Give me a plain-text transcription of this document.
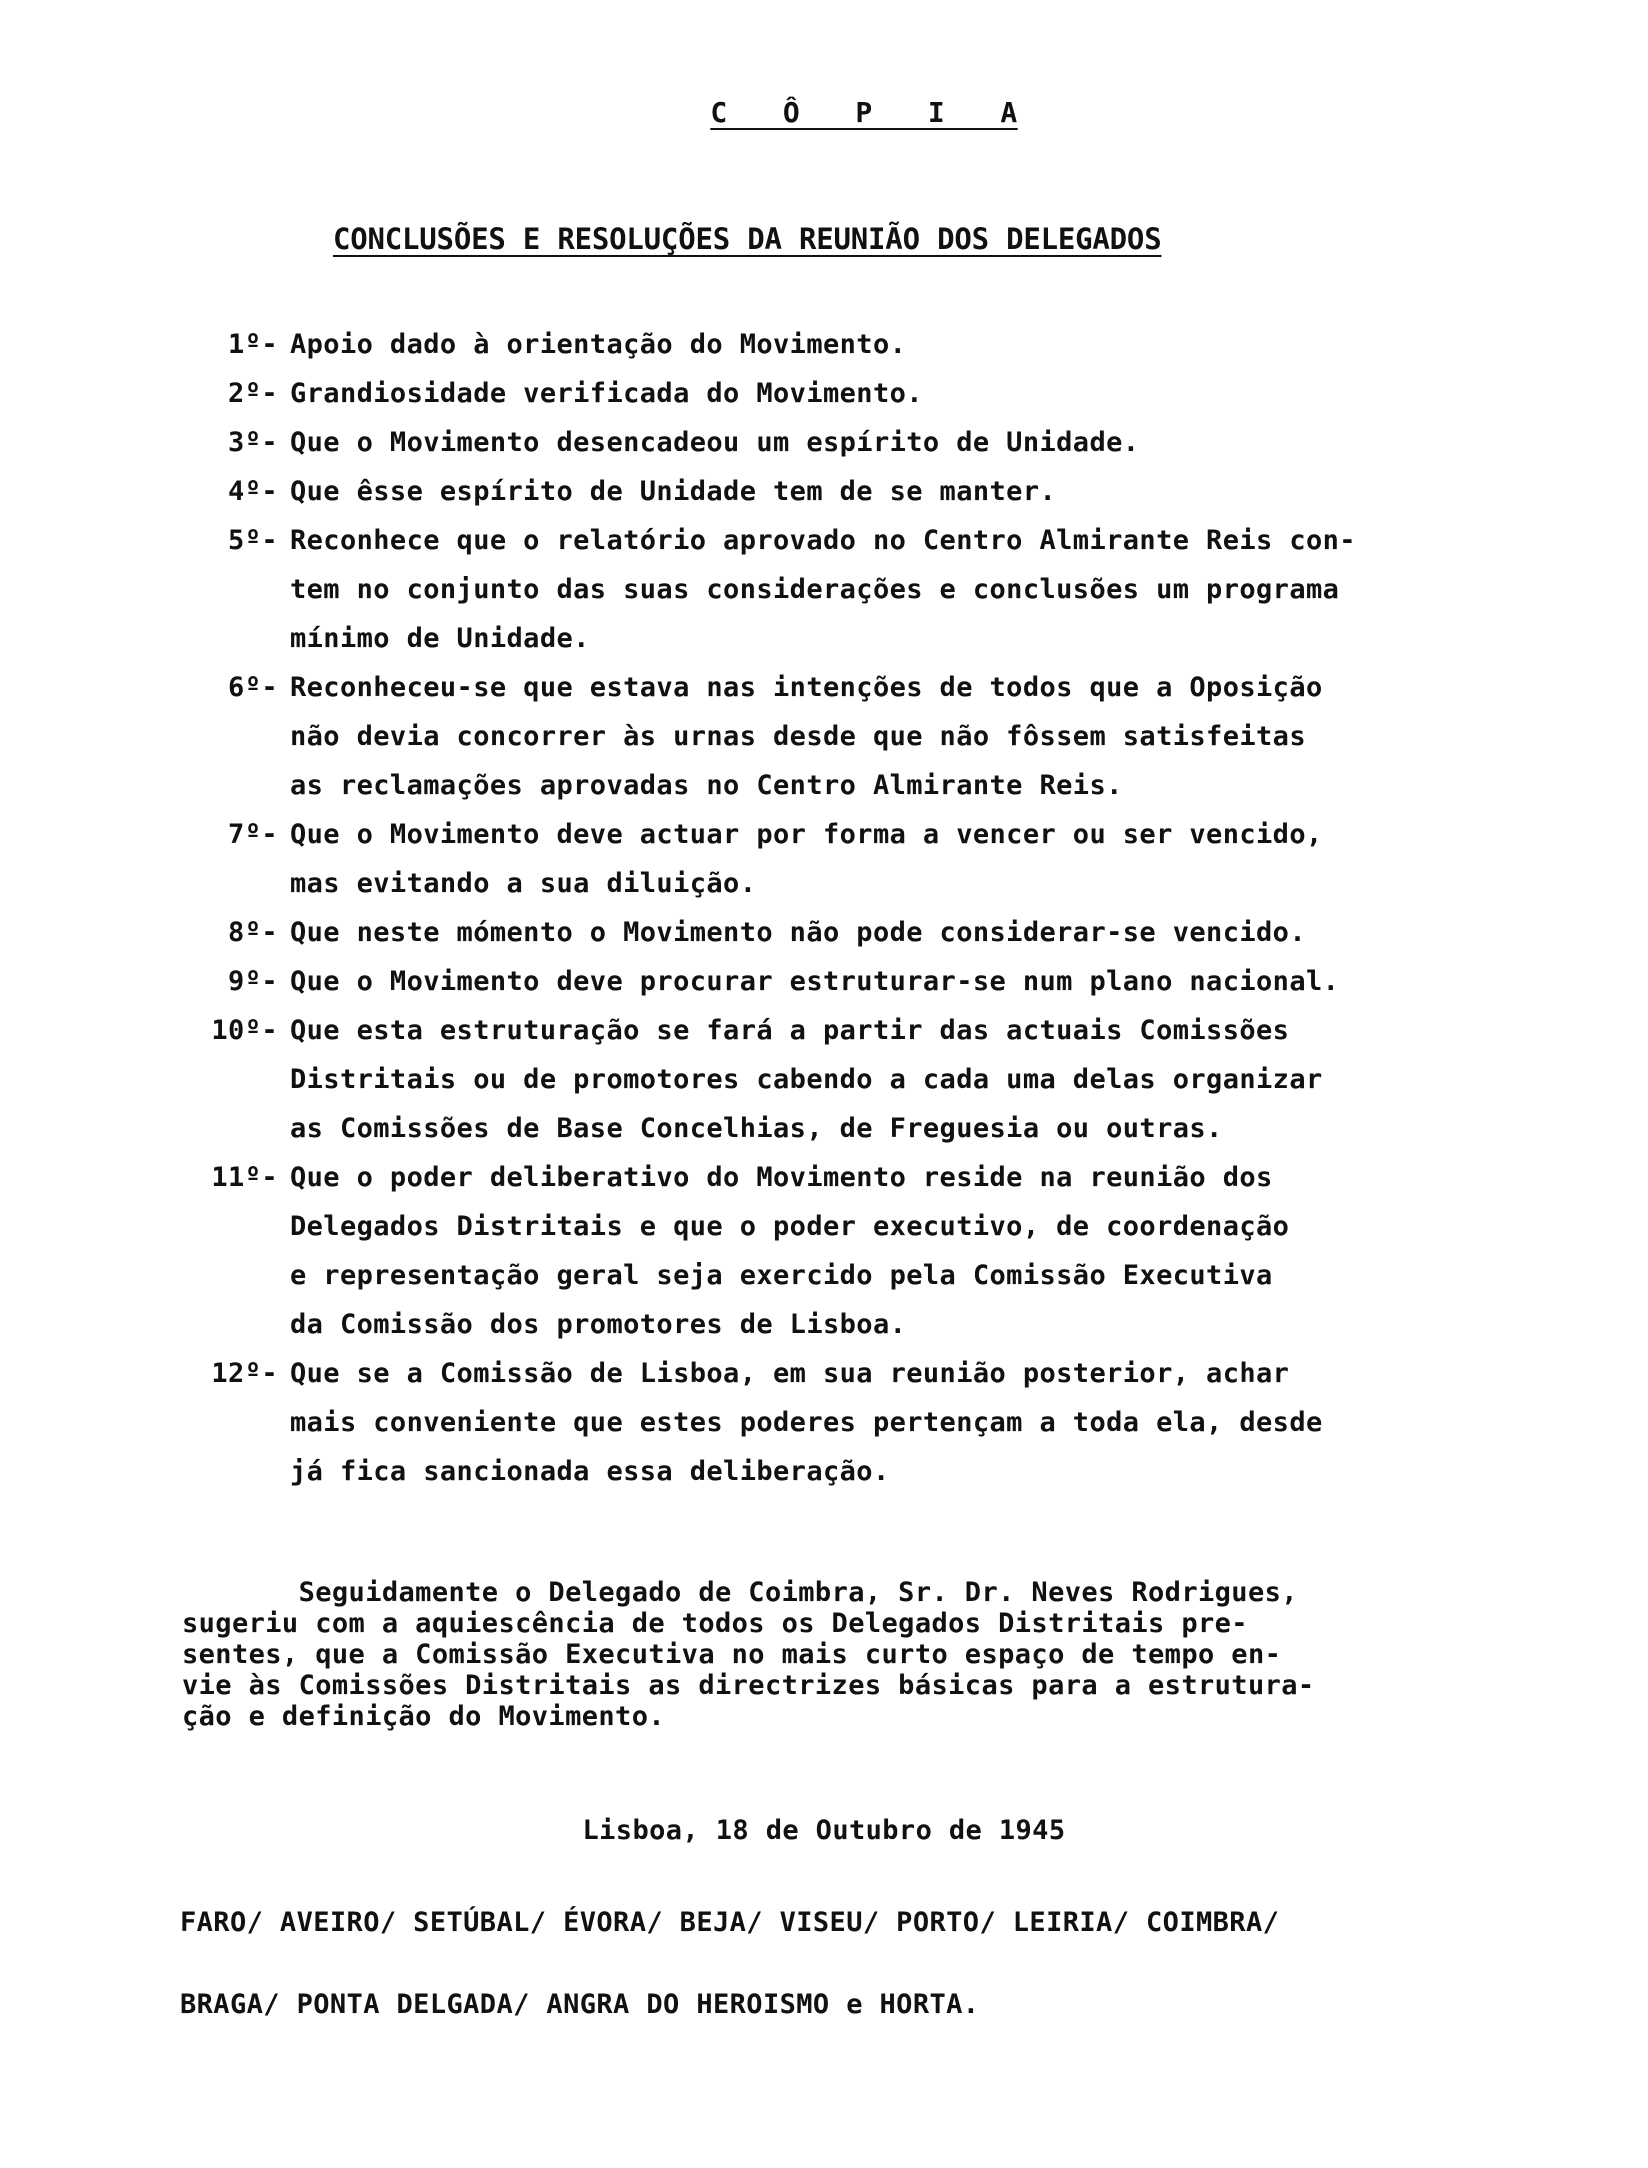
C Ô P I A
CONCLUSÕES E RESOLUÇÕES DA REUNIÃO DOS DELEGADOS
1º- Apoio dado à orientação do Movimento.
2º- Grandiosidade verificada do Movimento.
3º- Que o Movimento desencadeou um espírito de Unidade.
4º- Que êsse espírito de Unidade tem de se manter.
5º- Reconhece que o relatório aprovado no Centro Almirante Reis con-
tem no conjunto das suas considerações e conclusões um programa
mínimo de Unidade.
6º- Reconheceu-se que estava nas intenções de todos que a Oposição
não devia concorrer às urnas desde que não fôssem satisfeitas
as reclamações aprovadas no Centro Almirante Reis.
7º- Que o Movimento deve actuar por forma a vencer ou ser vencido,
mas evitando a sua diluição.
8º- Que neste mómento o Movimento não pode considerar-se vencido.
9º- Que o Movimento deve procurar estruturar-se num plano nacional.
10º- Que esta estruturação se fará a partir das actuais Comissões
Distritais ou de promotores cabendo a cada uma delas organizar
as Comissões de Base Concelhias, de Freguesia ou outras.
11º- Que o poder deliberativo do Movimento reside na reunião dos
Delegados Distritais e que o poder executivo, de coordenação
e representação geral seja exercido pela Comissão Executiva
da Comissão dos promotores de Lisboa.
12º- Que se a Comissão de Lisboa, em sua reunião posterior, achar
mais conveniente que estes poderes pertençam a toda ela, desde
já fica sancionada essa deliberação.
Seguidamente o Delegado de Coimbra, Sr. Dr. Neves Rodrigues,
sugeriu com a aquiescência de todos os Delegados Distritais pre-
sentes, que a Comissão Executiva no mais curto espaço de tempo en-
vie às Comissões Distritais as directrizes básicas para a estrutura-
ção e definição do Movimento.
Lisboa, 18 de Outubro de 1945
FARO/ AVEIRO/ SETÚBAL/ ÉVORA/ BEJA/ VISEU/ PORTO/ LEIRIA/ COIMBRA/
BRAGA/ PONTA DELGADA/ ANGRA DO HEROISMO e HORTA.
